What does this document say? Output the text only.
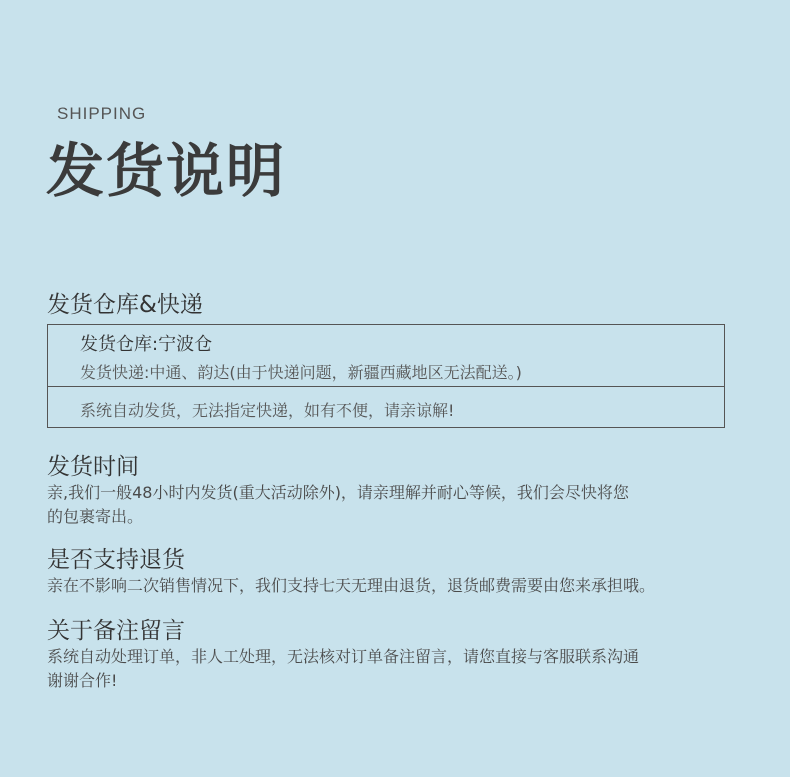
SHIPPING
发货说明
发货仓库&快递
发货仓库:宁波仓
发货快递:中通、韵达(由于快递问题，新疆西藏地区无法配送。)
系统自动发货，无法指定快递，如有不便，请亲谅解!
发货时间
亲,我们一般48小时内发货(重大活动除外)，请亲理解并耐心等候，我们会尽快将您
的包裹寄出。
是否支持退货
亲在不影响二次销售情况下，我们支持七天无理由退货，退货邮费需要由您来承担哦。
关于备注留言
系统自动处理订单，非人工处理，无法核对订单备注留言，请您直接与客服联系沟通
谢谢合作!
